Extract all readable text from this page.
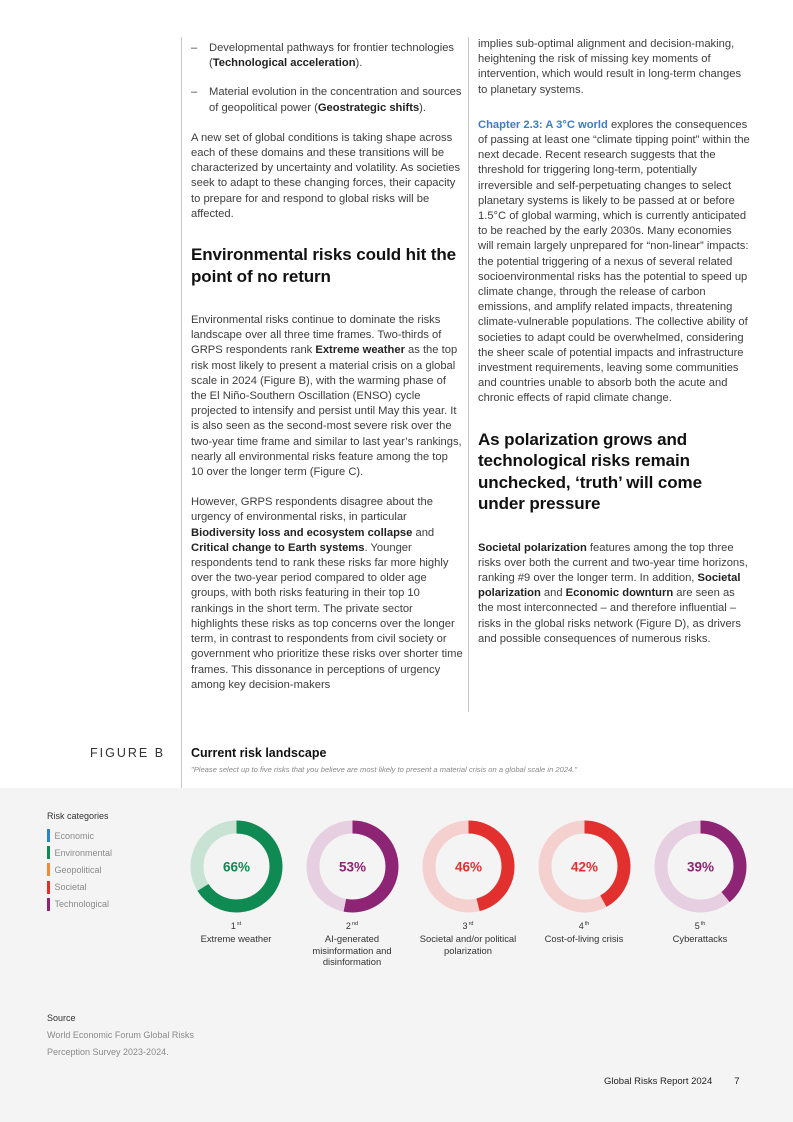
– Developmental pathways for frontier technologies (Technological acceleration).
– Material evolution in the concentration and sources of geopolitical power (Geostrategic shifts).

A new set of global conditions is taking shape across each of these domains and these transitions will be characterized by uncertainty and volatility. As societies seek to adapt to these changing forces, their capacity to prepare for and respond to global risks will be affected.

Environmental risks could hit the point of no return

Environmental risks continue to dominate the risks landscape over all three time frames. Two-thirds of GRPS respondents rank Extreme weather as the top risk most likely to present a material crisis on a global scale in 2024 (Figure B), with the warming phase of the El Niño-Southern Oscillation (ENSO) cycle projected to intensify and persist until May this year. It is also seen as the second-most severe risk over the two-year time frame and similar to last year’s rankings, nearly all environmental risks feature among the top 10 over the longer term (Figure C).

However, GRPS respondents disagree about the urgency of environmental risks, in particular Biodiversity loss and ecosystem collapse and Critical change to Earth systems. Younger respondents tend to rank these risks far more highly over the two-year period compared to older age groups, with both risks featuring in their top 10 rankings in the short term. The private sector highlights these risks as top concerns over the longer term, in contrast to respondents from civil society or government who prioritize these risks over shorter time frames. This dissonance in perceptions of urgency among key decision-makers

implies sub-optimal alignment and decision-making, heightening the risk of missing key moments of intervention, which would result in long-term changes to planetary systems.

Chapter 2.3: A 3°C world explores the consequences of passing at least one “climate tipping point” within the next decade. Recent research suggests that the threshold for triggering long-term, potentially irreversible and self-perpetuating changes to select planetary systems is likely to be passed at or before 1.5°C of global warming, which is currently anticipated to be reached by the early 2030s. Many economies will remain largely unprepared for “non-linear” impacts: the potential triggering of a nexus of several related socioenvironmental risks has the potential to speed up climate change, through the release of carbon emissions, and amplify related impacts, threatening climate-vulnerable populations. The collective ability of societies to adapt could be overwhelmed, considering the sheer scale of potential impacts and infrastructure investment requirements, leaving some communities and countries unable to absorb both the acute and chronic effects of rapid climate change.

As polarization grows and technological risks remain unchecked, ‘truth’ will come under pressure

Societal polarization features among the top three risks over both the current and two-year time horizons, ranking #9 over the longer term. In addition, Societal polarization and Economic downturn are seen as the most interconnected – and therefore influential – risks in the global risks network (Figure D), as drivers and possible consequences of numerous risks.

FIGURE B Current risk landscape
"Please select up to five risks that you believe are most likely to present a material crisis on a global scale in 2024."
Risk categories
Economic
Environmental
Geopolitical
Societal
Technological
66%
1st
Extreme weather
53%
2nd
AI-generated misinformation and disinformation
46%
3rd
Societal and/or political polarization
42%
4th
Cost-of-living crisis
39%
5th
Cyberattacks
Source
World Economic Forum Global Risks
Perception Survey 2023-2024.
Global Risks Report 2024 7
